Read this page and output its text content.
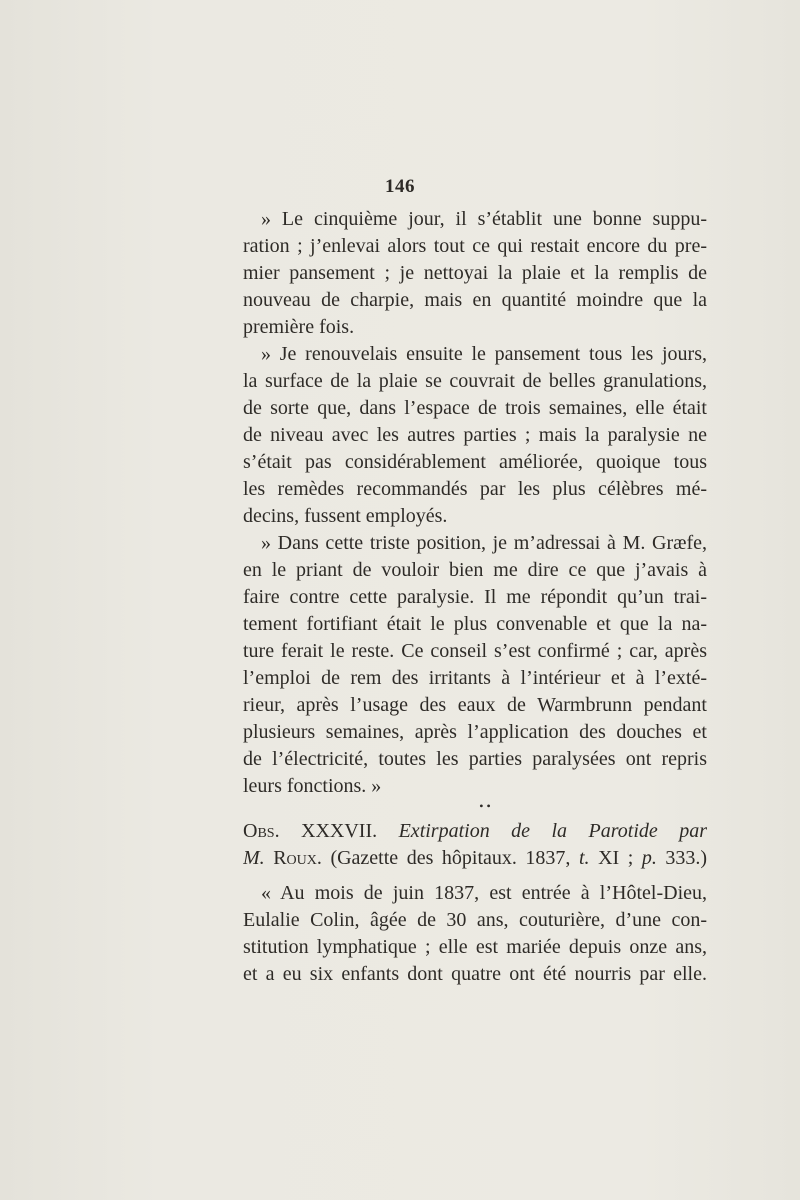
146
» Le cinquième jour, il s’établit une bonne suppu-
ration ; j’enlevai alors tout ce qui restait encore du pre-
mier pansement ; je nettoyai la plaie et la remplis de
nouveau de charpie, mais en quantité moindre que la
première fois.
» Je renouvelais ensuite le pansement tous les jours,
la surface de la plaie se couvrait de belles granulations,
de sorte que, dans l’espace de trois semaines, elle était
de niveau avec les autres parties ; mais la paralysie ne
s’était pas considérablement améliorée, quoique tous
les remèdes recommandés par les plus célèbres mé-
decins, fussent employés.
» Dans cette triste position, je m’adressai à M. Græfe,
en le priant de vouloir bien me dire ce que j’avais à
faire contre cette paralysie. Il me répondit qu’un trai-
tement fortifiant était le plus convenable et que la na-
ture ferait le reste. Ce conseil s’est confirmé ; car, après
l’emploi de rem des irritants à l’intérieur et à l’exté-
rieur, après l’usage des eaux de Warmbrunn pendant
plusieurs semaines, après l’application des douches et
de l’électricité, toutes les parties paralysées ont repris
leurs fonctions. »
• •
Obs. XXXVII. Extirpation de la Parotide par
M. Roux. (Gazette des hôpitaux. 1837, t. XI ; p. 333.)
« Au mois de juin 1837, est entrée à l’Hôtel-Dieu,
Eulalie Colin, âgée de 30 ans, couturière, d’une con-
stitution lymphatique ; elle est mariée depuis onze ans,
et a eu six enfants dont quatre ont été nourris par elle.
